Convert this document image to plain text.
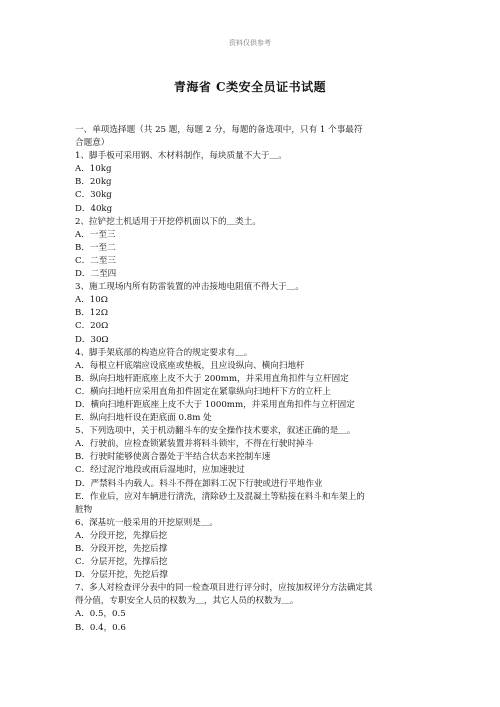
资料仅供参考
青海省 C类安全员证书试题
一、单项选择题（共 25 题，每题 2 分，每题的备选项中，只有 1 个事最符
合题意）
1、脚手板可采用钢、木材料制作，每块质量不大于＿。
A．10kg
B．20kg
C．30kg
D．40kg
2、拉铲挖土机适用于开挖停机面以下的＿类土。
A．一至三
B．一至二
C．二至三
D．二至四
3、施工现场内所有防雷装置的冲击接地电阻值不得大于＿。
A．10Ω
B．12Ω
C．20Ω
D．30Ω
4、脚手架底部的构造应符合的规定要求有＿。
A．每根立杆底端应设底座或垫板，且应设纵向、横向扫地杆
B．纵向扫地杆距底座上皮不大于 200mm，并采用直角扣件与立杆固定
C．横向扫地杆应采用直角扣件固定在紧靠纵向扫地杆下方的立杆上
D．横向扫地杆距底座上皮不大于 1000mm，并采用直角扣件与立杆固定
E．纵向扫地杆设在距底面 0.8m 处
5、下列选项中，关于机动翻斗车的安全操作技术要求，叙述正确的是＿。
A．行驶前，应检查锁紧装置并将料斗锁牢，不得在行驶时掉斗
B．行驶时能够使离合器处于半结合状态来控制车速
C．经过泥泞地段或雨后湿地时，应加速驶过
D．严禁料斗内载人。料斗不得在卸料工况下行驶或进行平地作业
E．作业后，应对车辆进行清洗，清除砂土及混凝土等粘接在料斗和车架上的
脏物
6、深基坑一般采用的开挖原则是＿。
A．分段开挖，先撑后挖
B．分段开挖，先挖后撑
C．分层开挖，先撑后挖
D．分层开挖，先挖后撑
7、多人对检查评分表中的同一检查项目进行评分时，应按加权评分方法确定其
得分值，专职安全人员的权数为＿，其它人员的权数为＿。
A．0.5，0.5
B．0.4，0.6
